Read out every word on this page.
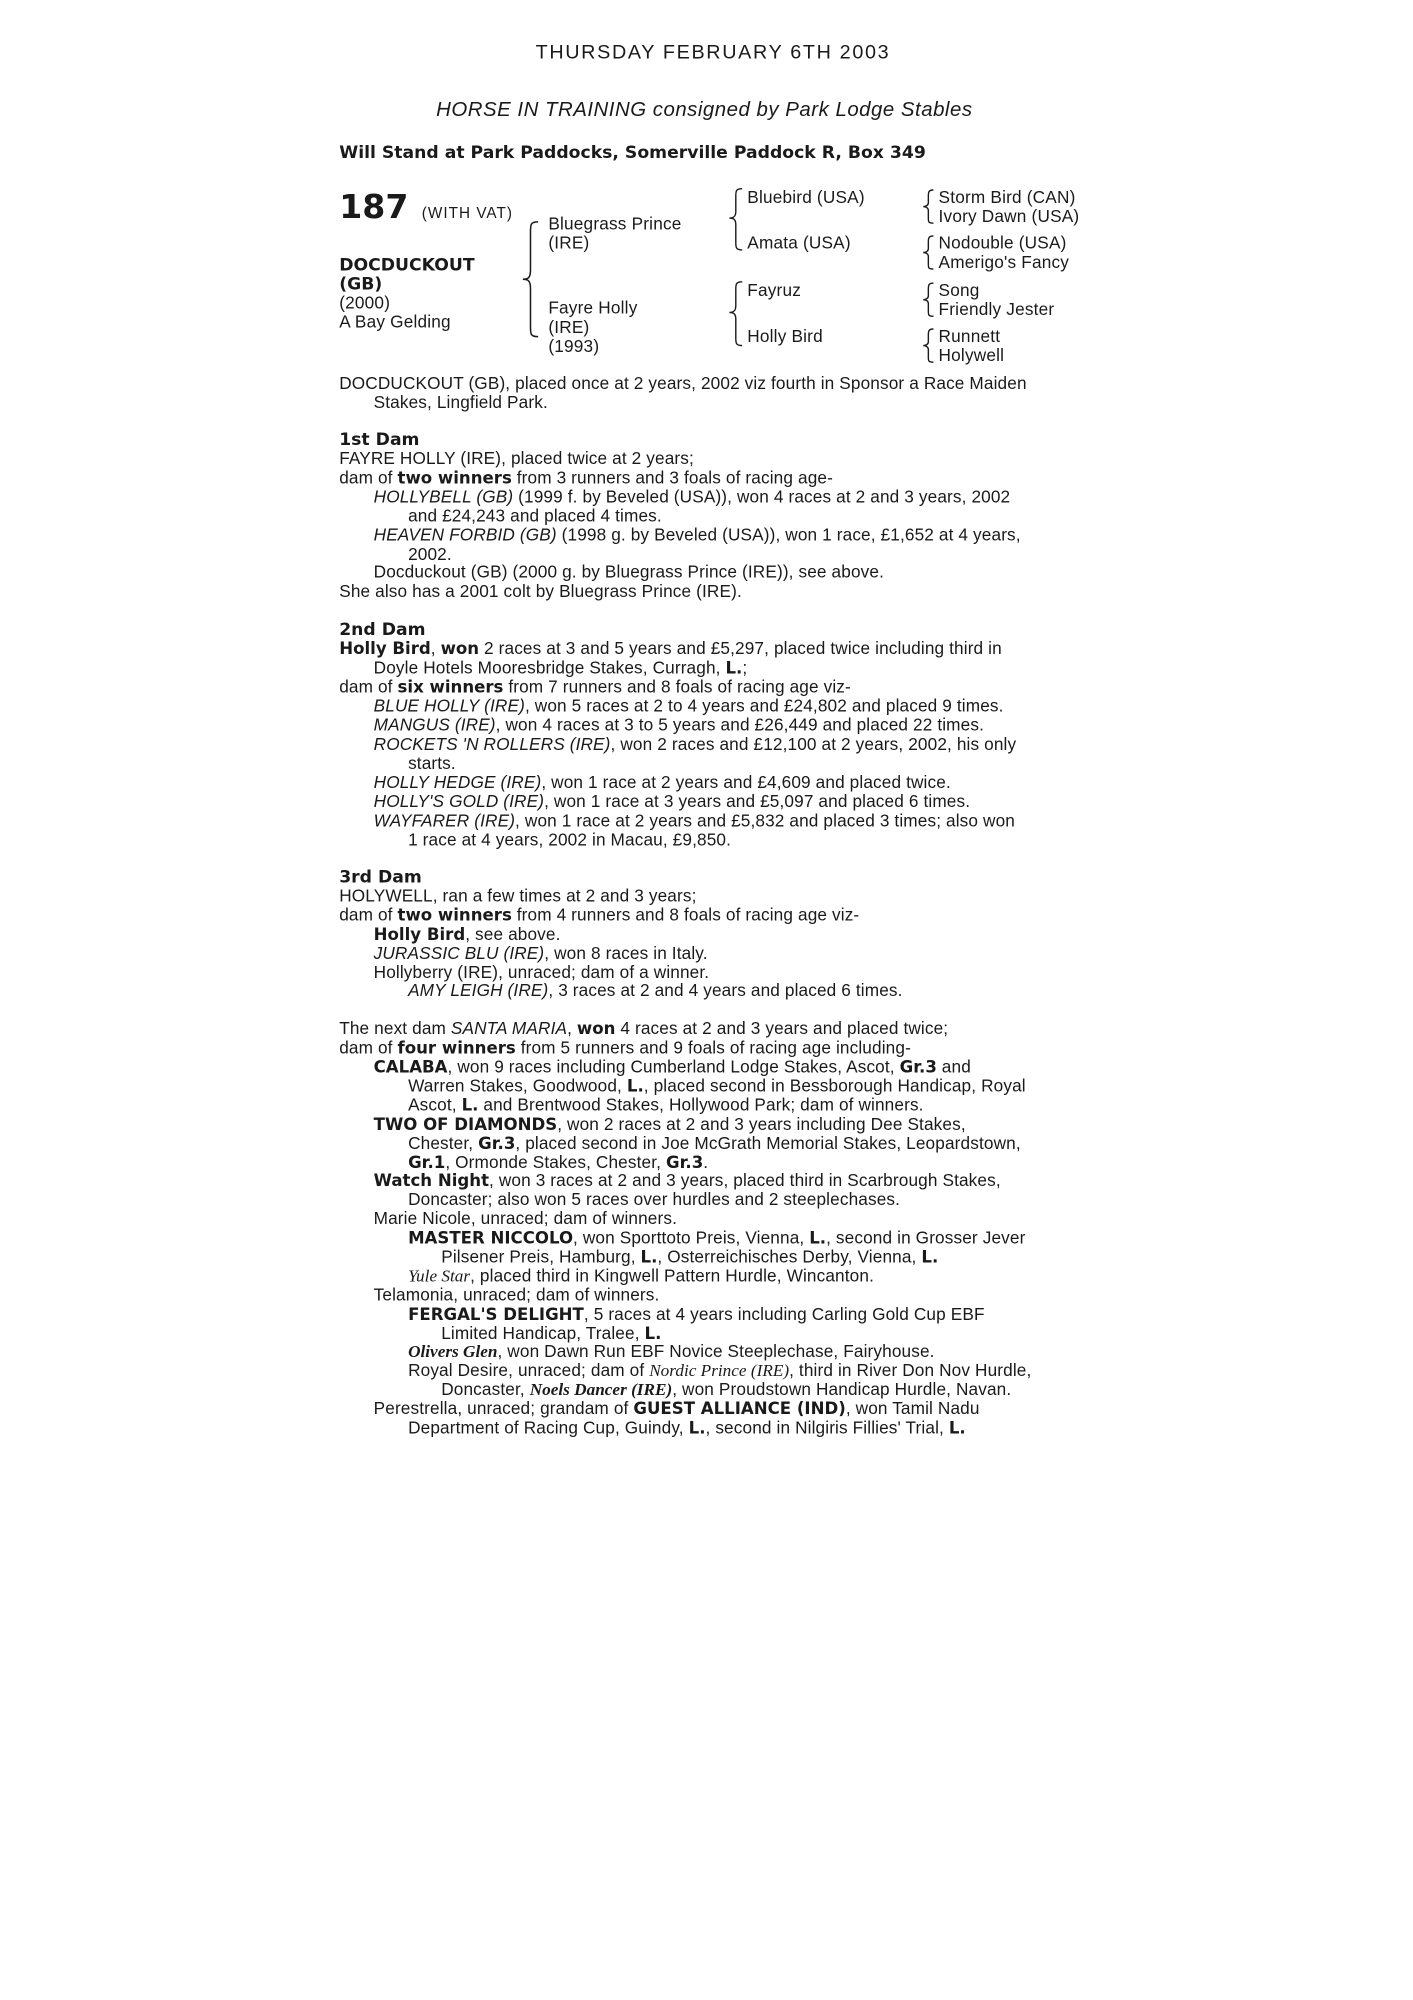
THURSDAY FEBRUARY 6TH 2003
HORSE IN TRAINING consigned by Park Lodge Stables
Will Stand at Park Paddocks, Somerville Paddock R, Box 349
187 (WITH VAT)
DOCDUCKOUT
(GB)
(2000)
A Bay Gelding
Bluegrass Prince
(IRE)
Fayre Holly
(IRE)
(1993)
Bluebird (USA)
Amata (USA)
Fayruz
Holly Bird
Storm Bird (CAN)
Ivory Dawn (USA)
Nodouble (USA)
Amerigo's Fancy
Song
Friendly Jester
Runnett
Holywell
DOCDUCKOUT (GB), placed once at 2 years, 2002 viz fourth in Sponsor a Race Maiden
Stakes, Lingfield Park.
1st Dam
FAYRE HOLLY (IRE), placed twice at 2 years;
dam of two winners from 3 runners and 3 foals of racing age-
HOLLYBELL (GB) (1999 f. by Beveled (USA)), won 4 races at 2 and 3 years, 2002
and £24,243 and placed 4 times.
HEAVEN FORBID (GB) (1998 g. by Beveled (USA)), won 1 race, £1,652 at 4 years,
2002.
Docduckout (GB) (2000 g. by Bluegrass Prince (IRE)), see above.
She also has a 2001 colt by Bluegrass Prince (IRE).
2nd Dam
Holly Bird, won 2 races at 3 and 5 years and £5,297, placed twice including third in
Doyle Hotels Mooresbridge Stakes, Curragh, L.;
dam of six winners from 7 runners and 8 foals of racing age viz-
BLUE HOLLY (IRE), won 5 races at 2 to 4 years and £24,802 and placed 9 times.
MANGUS (IRE), won 4 races at 3 to 5 years and £26,449 and placed 22 times.
ROCKETS 'N ROLLERS (IRE), won 2 races and £12,100 at 2 years, 2002, his only
starts.
HOLLY HEDGE (IRE), won 1 race at 2 years and £4,609 and placed twice.
HOLLY'S GOLD (IRE), won 1 race at 3 years and £5,097 and placed 6 times.
WAYFARER (IRE), won 1 race at 2 years and £5,832 and placed 3 times; also won
1 race at 4 years, 2002 in Macau, £9,850.
3rd Dam
HOLYWELL, ran a few times at 2 and 3 years;
dam of two winners from 4 runners and 8 foals of racing age viz-
Holly Bird, see above.
JURASSIC BLU (IRE), won 8 races in Italy.
Hollyberry (IRE), unraced; dam of a winner.
AMY LEIGH (IRE), 3 races at 2 and 4 years and placed 6 times.
The next dam SANTA MARIA, won 4 races at 2 and 3 years and placed twice;
dam of four winners from 5 runners and 9 foals of racing age including-
CALABA, won 9 races including Cumberland Lodge Stakes, Ascot, Gr.3 and
Warren Stakes, Goodwood, L., placed second in Bessborough Handicap, Royal
Ascot, L. and Brentwood Stakes, Hollywood Park; dam of winners.
TWO OF DIAMONDS, won 2 races at 2 and 3 years including Dee Stakes,
Chester, Gr.3, placed second in Joe McGrath Memorial Stakes, Leopardstown,
Gr.1, Ormonde Stakes, Chester, Gr.3.
Watch Night, won 3 races at 2 and 3 years, placed third in Scarbrough Stakes,
Doncaster; also won 5 races over hurdles and 2 steeplechases.
Marie Nicole, unraced; dam of winners.
MASTER NICCOLO, won Sporttoto Preis, Vienna, L., second in Grosser Jever
Pilsener Preis, Hamburg, L., Osterreichisches Derby, Vienna, L.
Yule Star, placed third in Kingwell Pattern Hurdle, Wincanton.
Telamonia, unraced; dam of winners.
FERGAL'S DELIGHT, 5 races at 4 years including Carling Gold Cup EBF
Limited Handicap, Tralee, L.
Olivers Glen, won Dawn Run EBF Novice Steeplechase, Fairyhouse.
Royal Desire, unraced; dam of Nordic Prince (IRE), third in River Don Nov Hurdle,
Doncaster, Noels Dancer (IRE), won Proudstown Handicap Hurdle, Navan.
Perestrella, unraced; grandam of GUEST ALLIANCE (IND), won Tamil Nadu
Department of Racing Cup, Guindy, L., second in Nilgiris Fillies' Trial, L.
